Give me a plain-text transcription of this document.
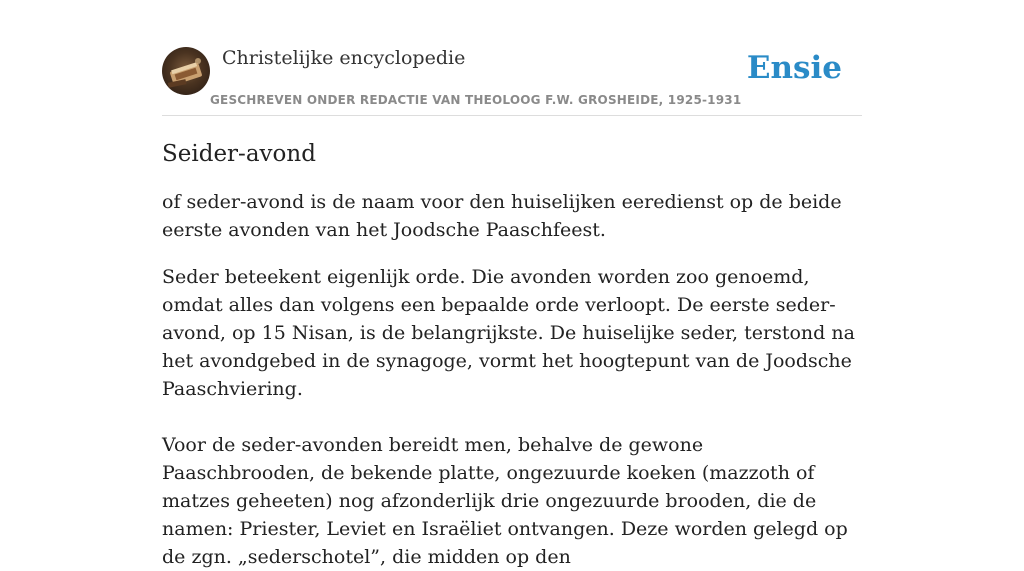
Christelijke encyclopedie
GESCHREVEN ONDER REDACTIE VAN THEOLOOG F.W. GROSHEIDE, 1925-1931
Ensie
Seider-avond

of seder-avond is de naam voor den huiselijken eeredienst op de beide eerste avonden van het Joodsche Paaschfeest.

Seder beteekent eigenlijk orde. Die avonden worden zoo genoemd, omdat alles dan volgens een bepaalde orde verloopt. De eerste seder-avond, op 15 Nisan, is de belangrijkste. De huiselijke seder, terstond na het avondgebed in de synagoge, vormt het hoogtepunt van de Joodsche Paaschviering.

Voor de seder-avonden bereidt men, behalve de gewone Paaschbrooden, de bekende platte, ongezuurde koeken (mazzoth of matzes geheeten) nog afzonderlijk drie ongezuurde brooden, die de namen: Priester, Leviet en Israëliet ontvangen. Deze worden gelegd op de zgn. „sederschotel”, die midden op den
